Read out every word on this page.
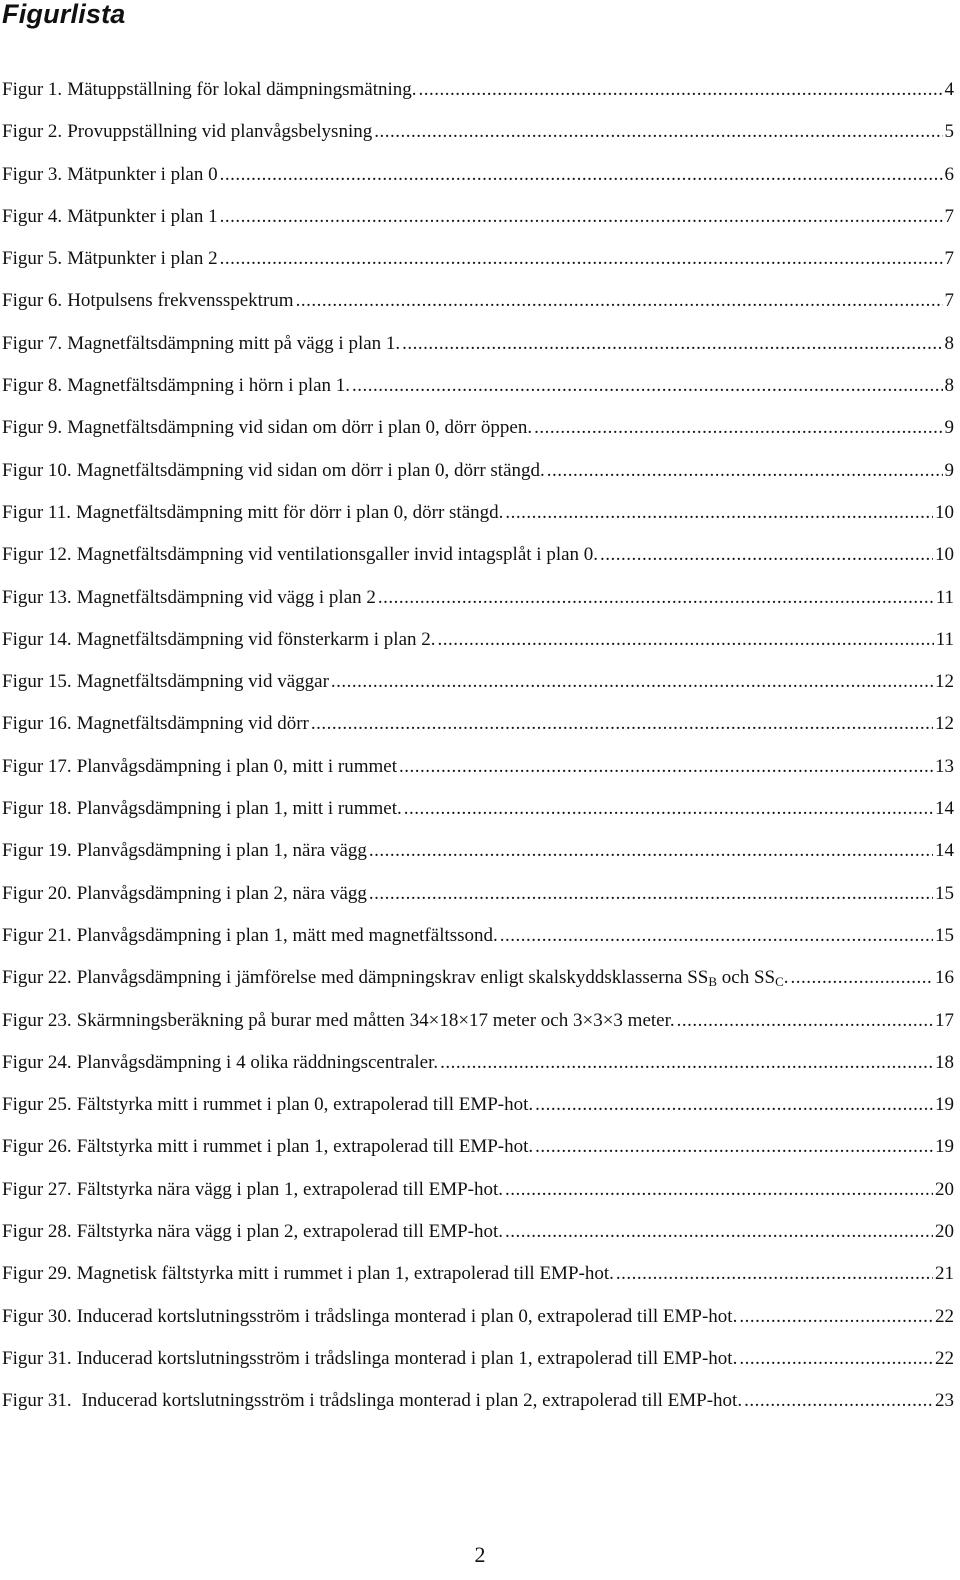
Figurlista
Figur 1. Mätuppställning för lokal dämpningsmätning. .....	4
Figur 2. Provuppställning vid planvågsbelysning .....	5
Figur 3. Mätpunkter i plan 0 .....	6
Figur 4. Mätpunkter i plan 1 .....	7
Figur 5. Mätpunkter i plan 2 .....	7
Figur 6. Hotpulsens frekvensspektrum .....	7
Figur 7. Magnetfältsdämpning mitt på vägg i plan 1. .....	8
Figur 8. Magnetfältsdämpning i hörn i plan 1. .....	8
Figur 9. Magnetfältsdämpning vid sidan om dörr i plan 0, dörr öppen. .....	9
Figur 10. Magnetfältsdämpning vid sidan om dörr i plan 0, dörr stängd. .....	9
Figur 11. Magnetfältsdämpning mitt för dörr i plan 0, dörr stängd. .....	10
Figur 12. Magnetfältsdämpning vid ventilationsgaller invid intagsplåt i plan 0. .....	10
Figur 13. Magnetfältsdämpning vid vägg i plan 2 .....	11
Figur 14. Magnetfältsdämpning vid fönsterkarm i plan 2. .....	11
Figur 15. Magnetfältsdämpning vid väggar .....	12
Figur 16. Magnetfältsdämpning vid dörr .....	12
Figur 17. Planvågsdämpning i plan 0, mitt i rummet .....	13
Figur 18. Planvågsdämpning i plan 1, mitt i rummet. .....	14
Figur 19. Planvågsdämpning i plan 1, nära vägg .....	14
Figur 20. Planvågsdämpning i plan 2, nära vägg .....	15
Figur 21. Planvågsdämpning i plan 1, mätt med magnetfältssond. .....	15
Figur 22. Planvågsdämpning i jämförelse med dämpningskrav enligt skalskyddsklasserna $SS_B$ och $SS_C$. .....	16
Figur 23. Skärmningsberäkning på burar med måtten 34×18×17 meter och 3×3×3 meter. .....	17
Figur 24. Planvågsdämpning i 4 olika räddningscentraler. .....	18
Figur 25. Fältstyrka mitt i rummet i plan 0, extrapolerad till EMP-hot. .....	19
Figur 26. Fältstyrka mitt i rummet i plan 1, extrapolerad till EMP-hot. .....	19
Figur 27. Fältstyrka nära vägg i plan 1, extrapolerad till EMP-hot. .....	20
Figur 28. Fältstyrka nära vägg i plan 2, extrapolerad till EMP-hot. .....	20
Figur 29. Magnetisk fältstyrka mitt i rummet i plan 1, extrapolerad till EMP-hot. .....	21
Figur 30. Inducerad kortslutningsström i trådslinga monterad i plan 0, extrapolerad till EMP-hot. .....	22
Figur 31. Inducerad kortslutningsström i trådslinga monterad i plan 1, extrapolerad till EMP-hot. .....	22
Figur 31. Inducerad kortslutningsström i trådslinga monterad i plan 2, extrapolerad till EMP-hot. .....	23
2
